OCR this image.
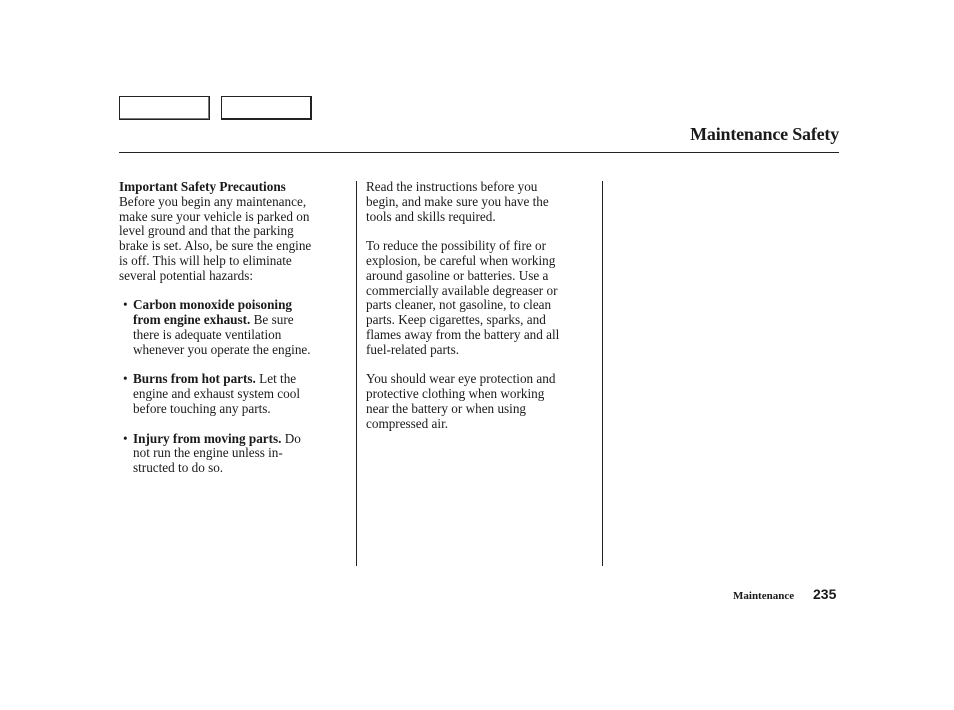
Maintenance Safety

Important Safety Precautions
Before you begin any maintenance,
make sure your vehicle is parked on
level ground and that the parking
brake is set. Also, be sure the engine
is off. This will help to eliminate
several potential hazards:

• Carbon monoxide poisoning
from engine exhaust. Be sure
there is adequate ventilation
whenever you operate the engine.
• Burns from hot parts. Let the
engine and exhaust system cool
before touching any parts.
• Injury from moving parts. Do
not run the engine unless in-
structed to do so.

Read the instructions before you
begin, and make sure you have the
tools and skills required.

To reduce the possibility of fire or
explosion, be careful when working
around gasoline or batteries. Use a
commercially available degreaser or
parts cleaner, not gasoline, to clean
parts. Keep cigarettes, sparks, and
flames away from the battery and all
fuel-related parts.

You should wear eye protection and
protective clothing when working
near the battery or when using
compressed air.

Maintenance 235
